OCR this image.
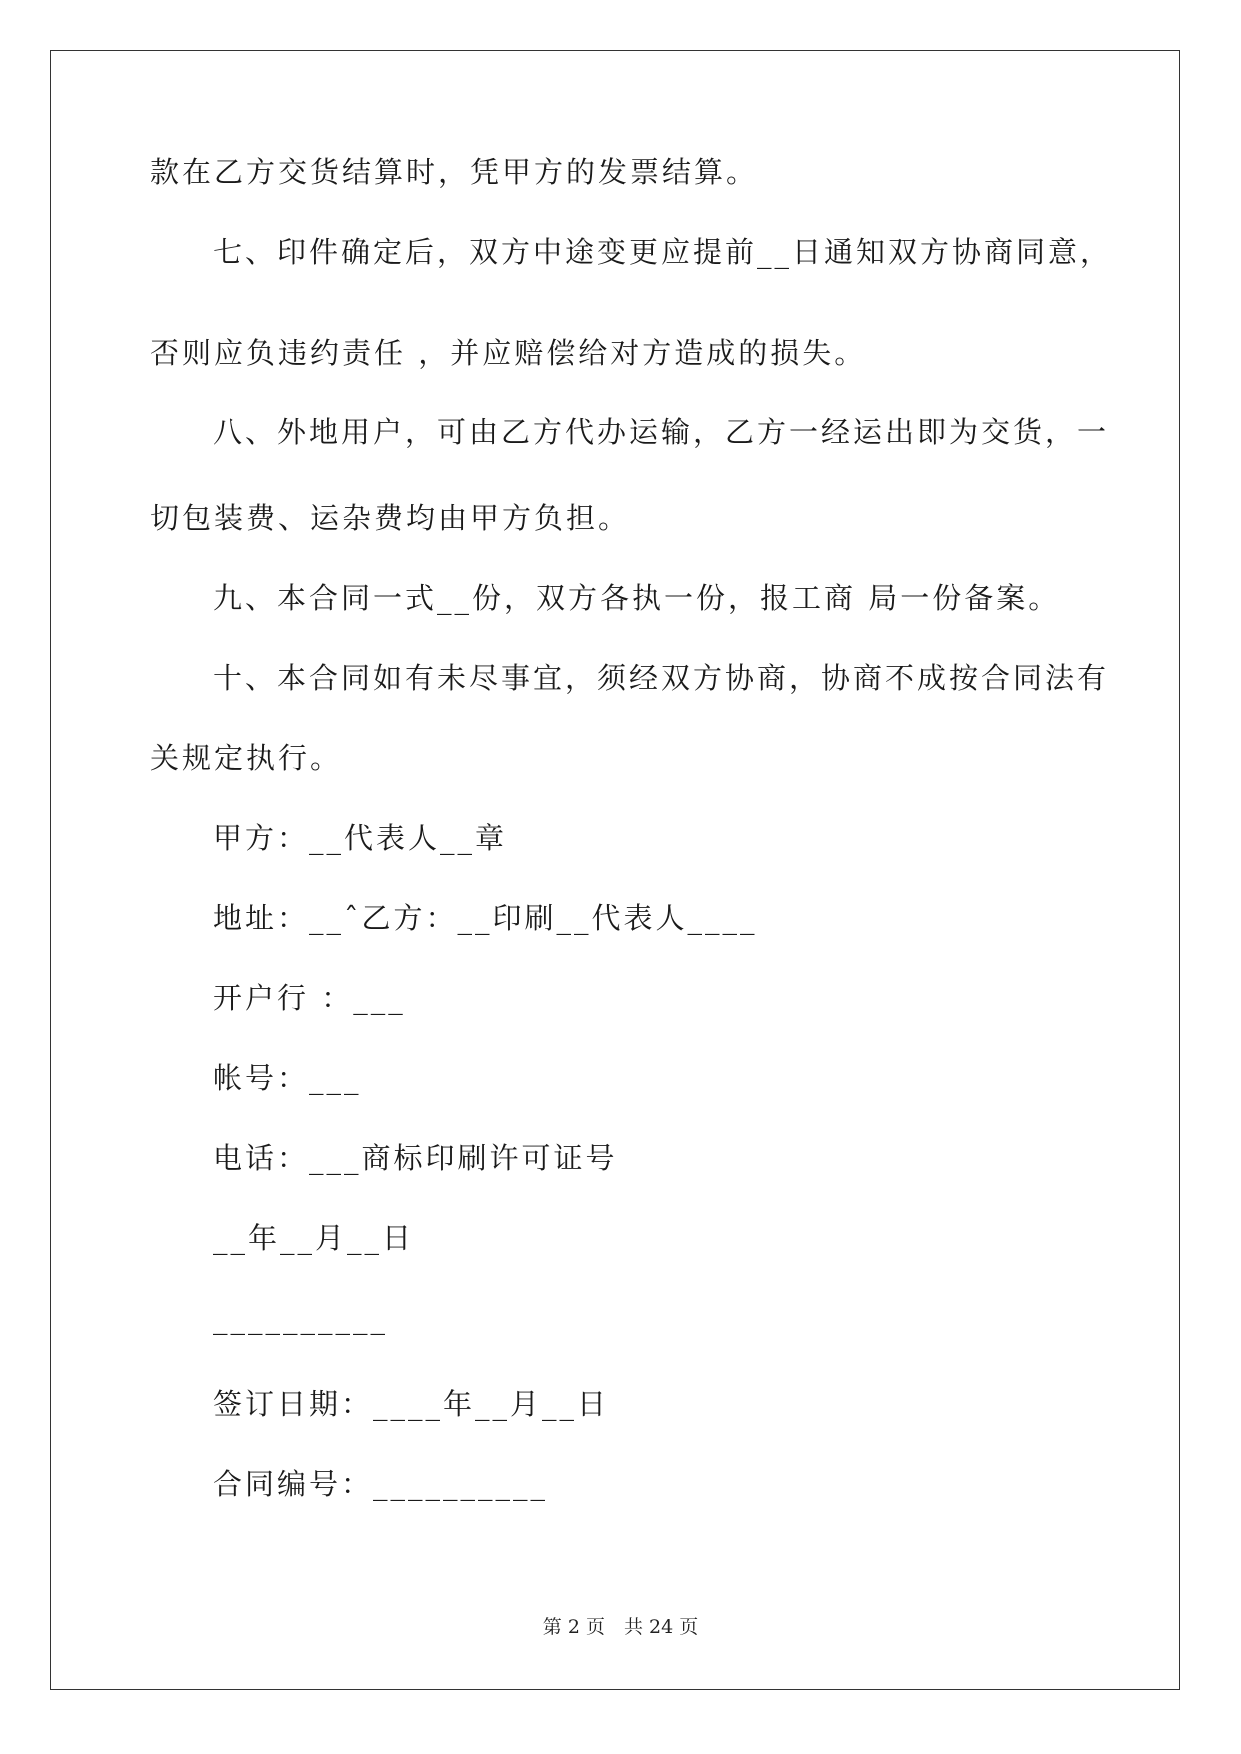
款在乙方交货结算时，凭甲方的发票结算。
七、印件确定后，双方中途变更应提前__日通知双方协商同意，
否则应负违约责任 ，并应赔偿给对方造成的损失。
八、外地用户，可由乙方代办运输，乙方一经运出即为交货，一
切包装费、运杂费均由甲方负担。
九、本合同一式__份，双方各执一份，报工商 局一份备案。
十、本合同如有未尽事宜，须经双方协商，协商不成按合同法有
关规定执行。
甲方：__代表人__章
地址：__ˆ乙方：__印刷__代表人____
开户行 ：___
帐号：___
电话：___商标印刷许可证号
__年__月__日
__________
签订日期：____年__月__日
合同编号：__________
第 2 页　共 24 页
